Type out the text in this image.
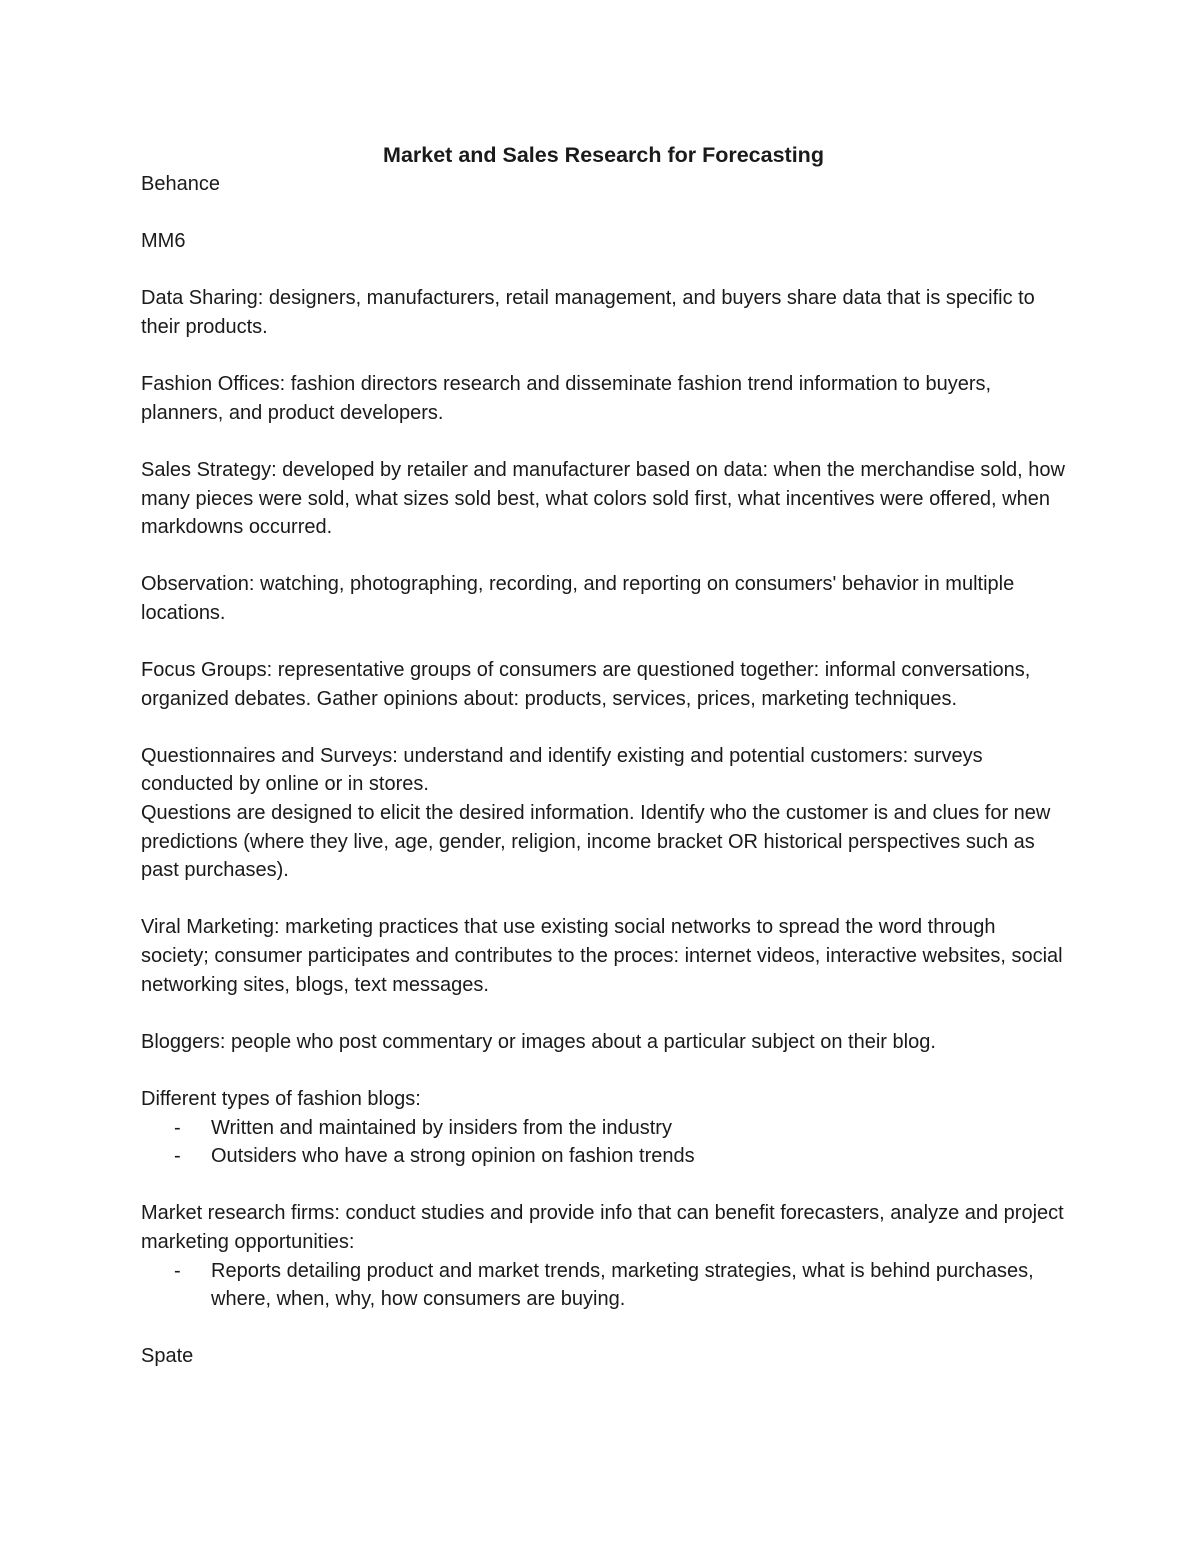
Market and Sales Research for Forecasting

Behance

MM6

Data Sharing: designers, manufacturers, retail management, and buyers share data that is specific to their products.

Fashion Offices: fashion directors research and disseminate fashion trend information to buyers, planners, and product developers.

Sales Strategy: developed by retailer and manufacturer based on data: when the merchandise sold, how many pieces were sold, what sizes sold best, what colors sold first, what incentives were offered, when markdowns occurred.

Observation: watching, photographing, recording, and reporting on consumers' behavior in multiple locations.

Focus Groups: representative groups of consumers are questioned together: informal conversations, organized debates. Gather opinions about: products, services, prices, marketing techniques.

Questionnaires and Surveys: understand and identify existing and potential customers: surveys conducted by online or in stores.

Questions are designed to elicit the desired information. Identify who the customer is and clues for new predictions (where they live, age, gender, religion, income bracket OR historical perspectives such as past purchases).

Viral Marketing: marketing practices that use existing social networks to spread the word through society; consumer participates and contributes to the proces: internet videos, interactive websites, social networking sites, blogs, text messages.

Bloggers: people who post commentary or images about a particular subject on their blog.

Different types of fashion blogs:

- Written and maintained by insiders from the industry
- Outsiders who have a strong opinion on fashion trends

Market research firms: conduct studies and provide info that can benefit forecasters, analyze and project marketing opportunities:

- Reports detailing product and market trends, marketing strategies, what is behind purchases, where, when, why, how consumers are buying.

Spate
